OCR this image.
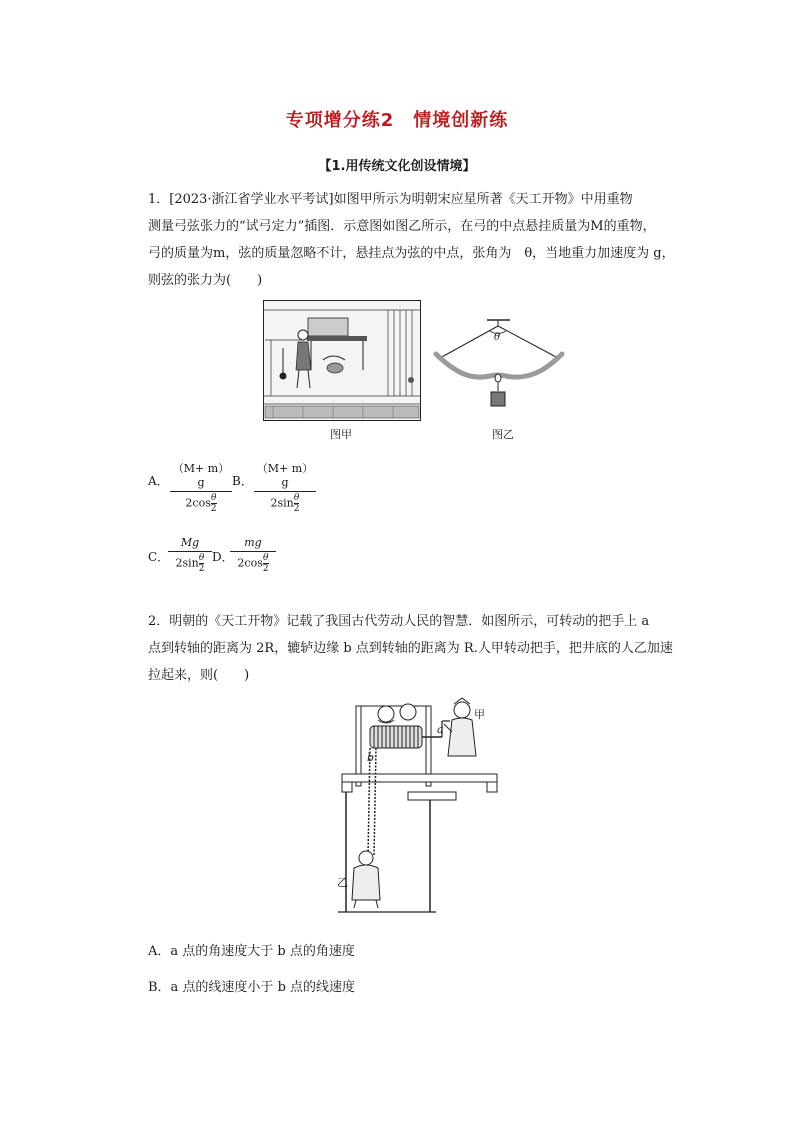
专项增分练2　情境创新练
【1.用传统文化创设情境】
1．[2023·浙江省学业水平考试]如图甲所示为明朝宋应星所著《天工开物》中用重物
测量弓弦张力的“试弓定力”插图．示意图如图乙所示，在弓的中点悬挂质量为M的重物，
弓的质量为m，弦的质量忽略不计，悬挂点为弦的中点，张角为　θ，当地重力加速度为 g，
则弦的张力为(　　)
图甲
θ
图乙
A．
（M+ m）g
$2\cos \frac{\theta}{2}$
B．
（M+ m）g
$2\sin \frac{\theta}{2}$
C．
Mg
$2\sin \frac{\theta}{2}$ D．
mg
$2\cos \frac{\theta}{2}$
2．明朝的《天工开物》记载了我国古代劳动人民的智慧．如图所示，可转动的把手上 a
点到转轴的距离为 2R，辘轳边缘 b 点到转轴的距离为 R.人甲转动把手，把井底的人乙加速
拉起来，则(　　)
甲
a
b
乙
A．a 点的角速度大于 b 点的角速度
B．a 点的线速度小于 b 点的线速度
